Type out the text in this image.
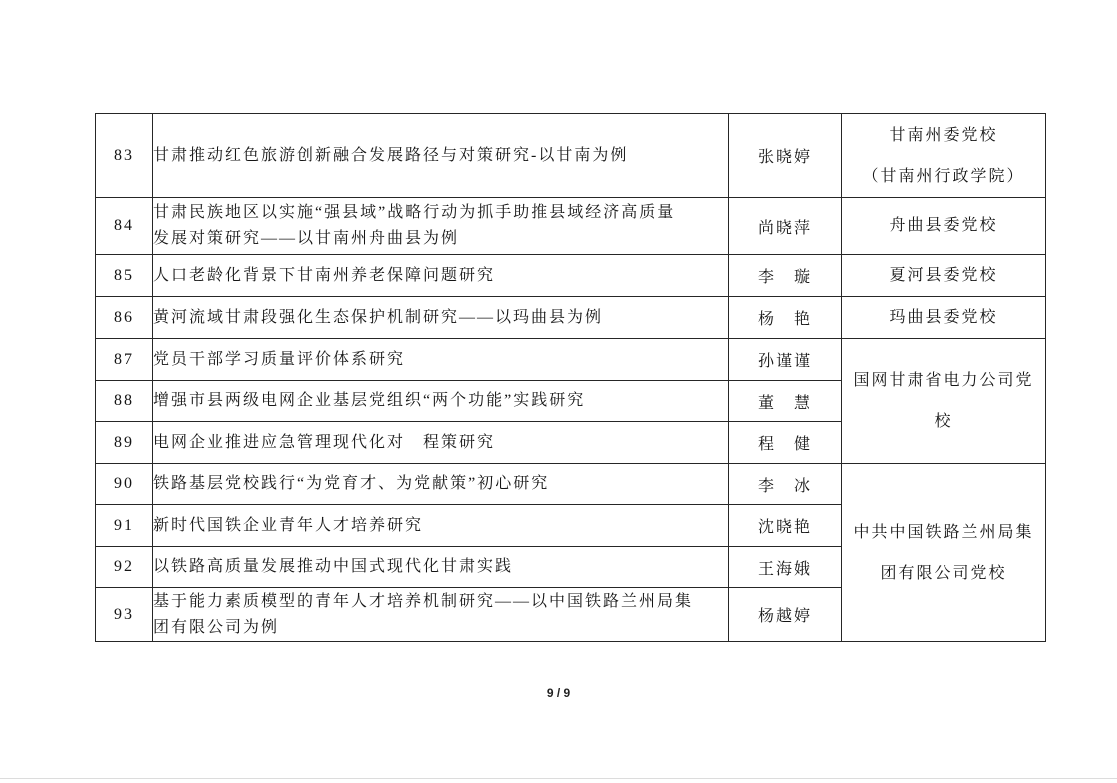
83	甘肃推动红色旅游创新融合发展路径与对策研究-以甘南为例	张晓婷	甘南州委党校
（甘南州行政学院）

84	甘肃民族地区以实施“强县域”战略行动为抓手助推县域经济高质量
发展对策研究——以甘南州舟曲县为例	尚晓萍	舟曲县委党校

85	人口老龄化背景下甘南州养老保障问题研究	李 璇	夏河县委党校

86	黄河流域甘肃段强化生态保护机制研究——以玛曲县为例	杨 艳	玛曲县委党校

87	党员干部学习质量评价体系研究	孙谨谨	国网甘肃省电力公司党
校

88	增强市县两级电网企业基层党组织“两个功能”实践研究	董 慧	
89	电网企业推进应急管理现代化对 程策研究	程 健	
90	铁路基层党校践行“为党育才、为党献策”初心研究	李 冰	中共中国铁路兰州局集
团有限公司党校

91	新时代国铁企业青年人才培养研究	沈晓艳	
92	以铁路高质量发展推动中国式现代化甘肃实践	王海娥	
93	基于能力素质模型的青年人才培养机制研究——以中国铁路兰州局集
团有限公司为例	杨越婷	
9 / 9
